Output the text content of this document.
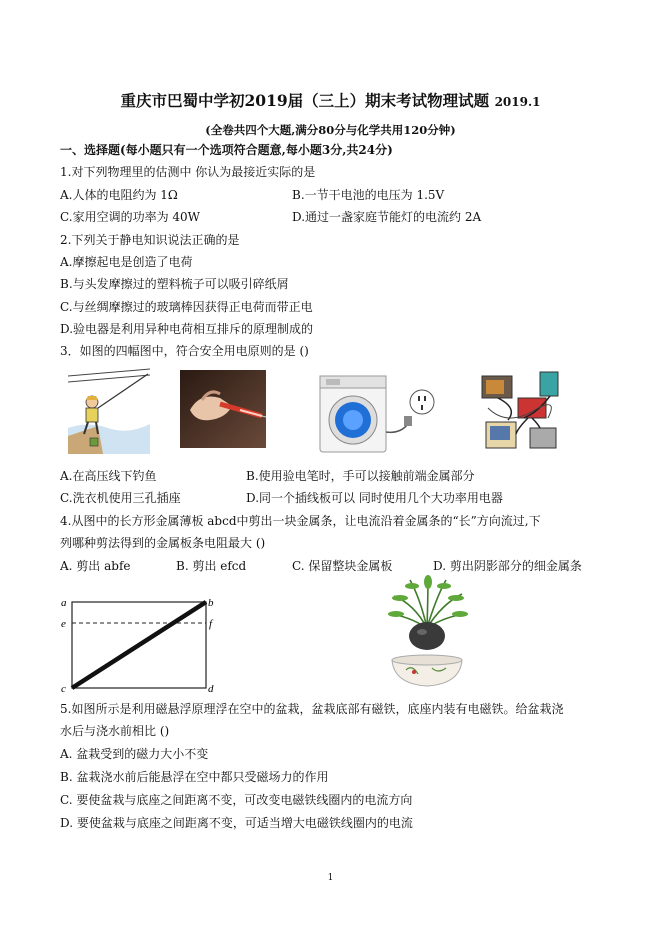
重庆市巴蜀中学初2019届（三上）期末考试物理试题 2019.1
(全卷共四个大题,满分80分与化学共用120分钟)
一、选择题(每小题只有一个选项符合题意,每小题3分,共24分)
1.对下列物理里的估测中 你认为最接近实际的是
A.人体的电阻约为 1Ω	B.一节干电池的电压为 1.5V
C.家用空调的功率为 40W	D.通过一盏家庭节能灯的电流约 2A
2.下列关于静电知识说法正确的是
A.摩擦起电是创造了电荷
B.与头发摩擦过的塑料梳子可以吸引碎纸屑
C.与丝绸摩擦过的玻璃棒因获得正电荷而带正电
D.验电器是利用异种电荷相互排斥的原理制成的
3．如图的四幅图中，符合安全用电原则的是 ()
A.在高压线下钓鱼	B.使用验电笔时，手可以接触前端金属部分
C.洗衣机使用三孔插座	D.同一个插线板可以 同时使用几个大功率用电器
4.从图中的长方形金属薄板 abcd中剪出一块金属条，让电流沿着金属条的“长”方向流过,下
列哪种剪法得到的金属板条电阻最大 ()
A. 剪出 abfe	B. 剪出 efcd	C. 保留整块金属板	D. 剪出阴影部分的细金属条
a	b
e	f
c	d
5.如图所示是利用磁悬浮原理浮在空中的盆栽，盆栽底部有磁铁，底座内装有电磁铁。给盆栽浇
水后与浇水前相比 ()
A. 盆栽受到的磁力大小不变
B. 盆栽浇水前后能悬浮在空中都只受磁场力的作用
C. 要使盆栽与底座之间距离不变，可改变电磁铁线圈内的电流方向
D. 要使盆栽与底座之间距离不变，可适当增大电磁铁线圈内的电流
1
